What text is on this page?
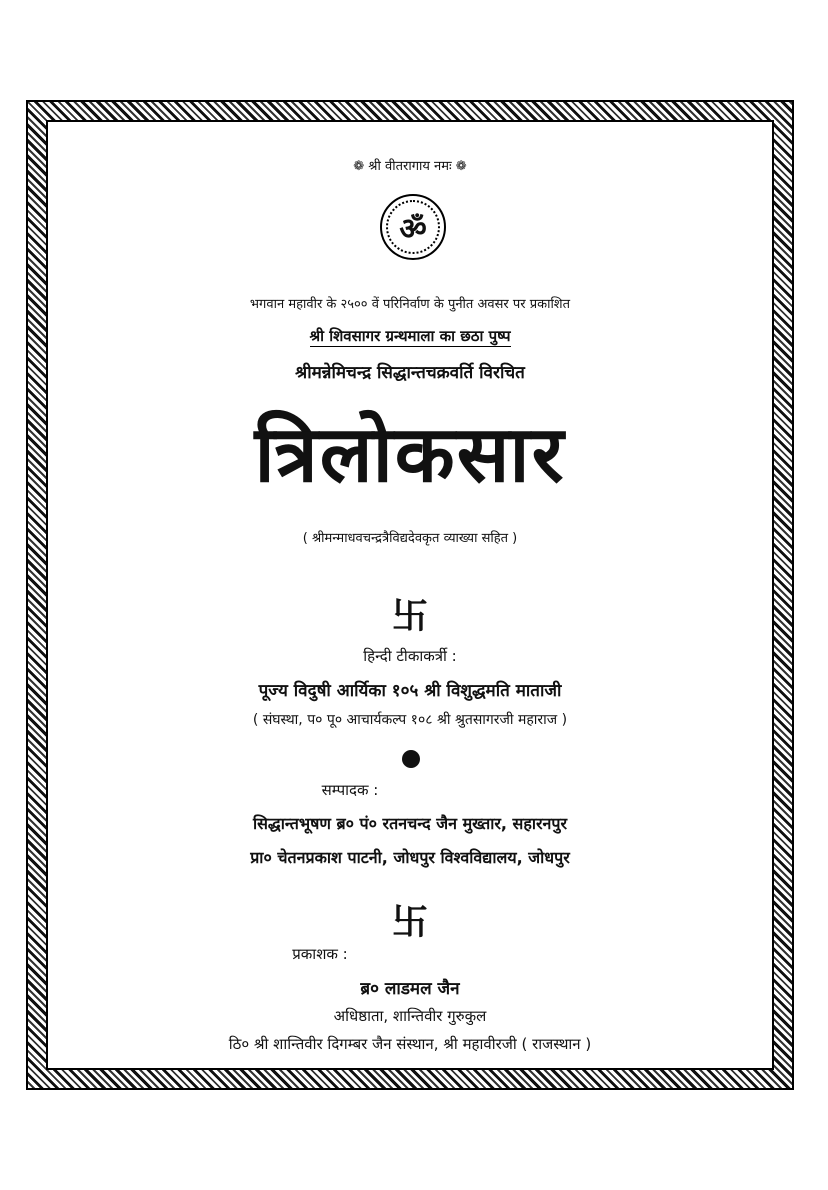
❁ श्री वीतरागाय नमः ❁
ॐ
भगवान महावीर के २५०० वें परिनिर्वाण के पुनीत अवसर पर प्रकाशित
श्री शिवसागर ग्रन्थमाला का छठा पुष्प
श्रीमन्नेमिचन्द्र सिद्धान्तचक्रवर्ति विरचित
त्रिलोकसार
( श्रीमन्माधवचन्द्रत्रैविद्यदेवकृत व्याख्या सहित )
卐
हिन्दी टीकाकर्त्री :
पूज्य विदुषी आर्यिका १०५ श्री विशुद्धमति माताजी
( संघस्था, प० पू० आचार्यकल्प १०८ श्री श्रुतसागरजी महाराज )
सम्पादक :
सिद्धान्तभूषण ब्र० पं० रतनचन्द जैन मुख्तार, सहारनपुर
प्रा० चेतनप्रकाश पाटनी, जोधपुर विश्वविद्यालय, जोधपुर
卐
प्रकाशक :
ब्र० लाडमल जैन
अधिष्ठाता, शान्तिवीर गुरुकुल
ठि० श्री शान्तिवीर दिगम्बर जैन संस्थान, श्री महावीरजी ( राजस्थान )
